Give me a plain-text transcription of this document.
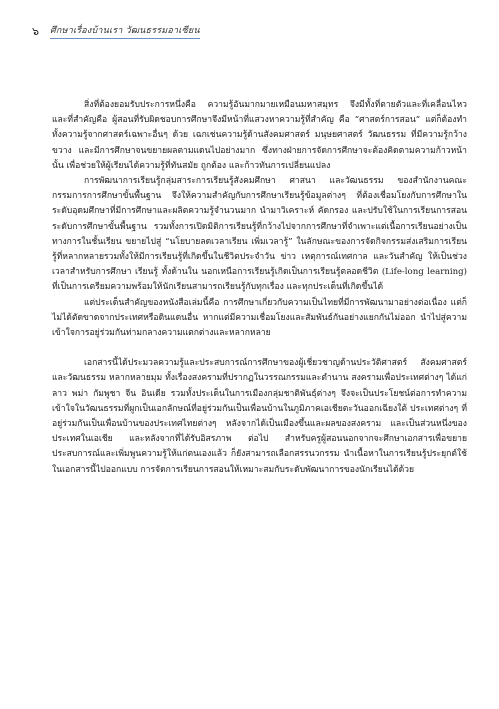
๖	ศึกษาเรื่องบ้านเรา วัฒนธรรมอาเซียน

สิ่งที่ต้องยอมรับประการหนึ่งคือ ความรู้อันมากมายเหมือนมหาสมุทร จึงมีทั้งที่ตายตัวและที่เคลื่อนไหว และที่สำคัญคือ ผู้สอนที่รับผิดชอบการศึกษาจึงมีหน้าที่แสวงหาความรู้ที่สำคัญ คือ “ศาสตร์การสอน” แต่ก็ต้องทำทั้งความรู้จากศาสตร์เฉพาะอื่นๆ ด้วย เฉกเช่นความรู้ด้านสังคมศาสตร์ มนุษยศาสตร์ วัฒนธรรม ที่มีความรู้กว้างขวาง และมีการศึกษาจนขยายผลตามแดนไปอย่างมาก ซึ่งทางฝ่ายการจัดการศึกษาจะต้องคิดตามความก้าวหน้านั้น เพื่อช่วยให้ผู้เรียนได้ความรู้ที่ทันสมัย ถูกต้อง และก้าวทันการเปลี่ยนแปลง

การพัฒนาการเรียนรู้กลุ่มสาระการเรียนรู้สังคมศึกษา ศาสนา และวัฒนธรรม ของสำนักงานคณะกรรมการการศึกษาขั้นพื้นฐาน จึงให้ความสำคัญกับการศึกษาเรียนรู้ข้อมูลต่างๆ ที่ต้องเชื่อมโยงกับการศึกษาในระดับอุดมศึกษาที่มีการศึกษาและผลิตความรู้จำนวนมาก นำมาวิเคราะห์ คัดกรอง และปรับใช้ในการเรียนการสอนระดับการศึกษาขั้นพื้นฐาน รวมทั้งการเปิดมิติการเรียนรู้ที่กว้างไปจากการศึกษาที่จำเพาะแต่เนื้อการเรียนอย่างเป็นทางการในชั้นเรียน ขยายไปสู่ “นโยบายลดเวลาเรียน เพิ่มเวลารู้” ในลักษณะของการจัดกิจกรรมส่งเสริมการเรียนรู้ที่หลากหลายรวมทั้งให้มีการเรียนรู้ที่เกิดขึ้นในชีวิตประจำวัน ข่าว เหตุการณ์เทศกาล และวันสำคัญ ให้เป็นช่วงเวลาสำหรับการศึกษา เรียนรู้ ทั้งด้านใน นอกเหนือการเรียนรู้เกิดเป็นการเรียนรู้ตลอดชีวิต (Life-long learning) ที่เป็นการเตรียมความพร้อมให้นักเรียนสามารถเรียนรู้กับทุกเรื่อง และทุกประเด็นที่เกิดขึ้นได้

แต่ประเด็นสำคัญของหนังสือเล่มนี้คือ การศึกษาเกี่ยวกับความเป็นไทยที่มีการพัฒนามาอย่างต่อเนื่อง แต่ก็ไม่ได้ตัดขาดจากประเทศหรือดินแดนอื่น หากแต่มีความเชื่อมโยงและสัมพันธ์กันอย่างแยกกันไม่ออก นำไปสู่ความเข้าใจการอยู่ร่วมกันท่ามกลางความแตกต่างและหลากหลาย

เอกสารนี้ได้ประมวลความรู้และประสบการณ์การศึกษาของผู้เชี่ยวชาญด้านประวัติศาสตร์ สังคมศาสตร์ และวัฒนธรรม หลากหลายมุม ทั้งเรื่องสงครามที่ปรากฏในวรรณกรรมและตำนาน สงครามเพื่อประเทศต่างๆ ได้แก่ ลาว พม่า กัมพูชา จีน อินเดีย รวมทั้งประเด็นในการเมืองกลุ่มชาติพันธุ์ต่างๆ จึงจะเป็นประโยชน์ต่อการทำความเข้าใจในวัฒนธรรมที่ผูกเป็นเอกลักษณ์ที่อยู่ร่วมกันเป็นเพื่อนบ้านในภูมิภาคเอเชียตะวันออกเฉียงใต้ ประเทศต่างๆ ที่อยู่ร่วมกันเป็นเพื่อนบ้านของประเทศไทยต่างๆ หลังจากได้เป็นเมืองขึ้นและผลของสงคราม และเป็นส่วนหนึ่งของประเทศในเอเชีย และหลังจากที่ได้รับอิสรภาพ ต่อไป สำหรับครูผู้สอนนอกจากจะศึกษาเอกสารเพื่อขยายประสบการณ์และเพิ่มพูนความรู้ให้แก่ตนเองแล้ว ก็ยังสามารถเลือกสรรนวกรรม นำเนื้อหาในการเรียนรู้ประยุกต์ใช้ในเอกสารนี้ไปออกแบบ การจัดการเรียนการสอนให้เหมาะสมกับระดับพัฒนาการของนักเรียนได้ด้วย
